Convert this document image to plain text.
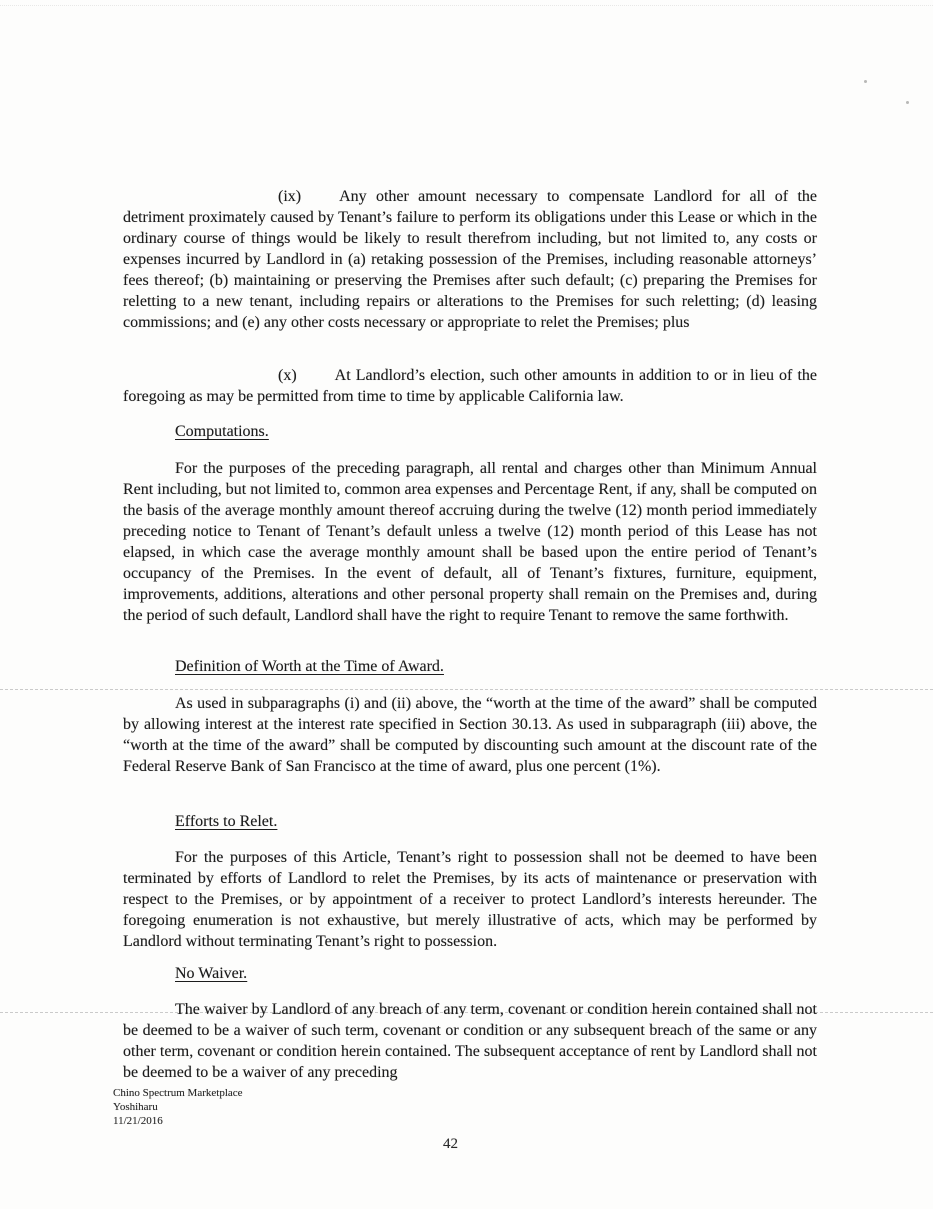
(ix) Any other amount necessary to compensate Landlord for all of the detriment proximately caused by Tenant’s failure to perform its obligations under this Lease or which in the ordinary course of things would be likely to result therefrom including, but not limited to, any costs or expenses incurred by Landlord in (a) retaking possession of the Premises, including reasonable attorneys’ fees thereof; (b) maintaining or preserving the Premises after such default; (c) preparing the Premises for reletting to a new tenant, including repairs or alterations to the Premises for such reletting; (d) leasing commissions; and (e) any other costs necessary or appropriate to relet the Premises; plus

(x) At Landlord’s election, such other amounts in addition to or in lieu of the foregoing as may be permitted from time to time by applicable California law.

Computations.

For the purposes of the preceding paragraph, all rental and charges other than Minimum Annual Rent including, but not limited to, common area expenses and Percentage Rent, if any, shall be computed on the basis of the average monthly amount thereof accruing during the twelve (12) month period immediately preceding notice to Tenant of Tenant’s default unless a twelve (12) month period of this Lease has not elapsed, in which case the average monthly amount shall be based upon the entire period of Tenant’s occupancy of the Premises. In the event of default, all of Tenant’s fixtures, furniture, equipment, improvements, additions, alterations and other personal property shall remain on the Premises and, during the period of such default, Landlord shall have the right to require Tenant to remove the same forthwith.

Definition of Worth at the Time of Award.

As used in subparagraphs (i) and (ii) above, the “worth at the time of the award” shall be computed by allowing interest at the interest rate specified in Section 30.13. As used in subparagraph (iii) above, the “worth at the time of the award” shall be computed by discounting such amount at the discount rate of the Federal Reserve Bank of San Francisco at the time of award, plus one percent (1%).

Efforts to Relet.

For the purposes of this Article, Tenant’s right to possession shall not be deemed to have been terminated by efforts of Landlord to relet the Premises, by its acts of maintenance or preservation with respect to the Premises, or by appointment of a receiver to protect Landlord’s interests hereunder. The foregoing enumeration is not exhaustive, but merely illustrative of acts, which may be performed by Landlord without terminating Tenant’s right to possession.

No Waiver.

The waiver by Landlord of any breach of any term, covenant or condition herein contained shall not be deemed to be a waiver of such term, covenant or condition or any subsequent breach of the same or any other term, covenant or condition herein contained. The subsequent acceptance of rent by Landlord shall not be deemed to be a waiver of any preceding

Chino Spectrum Marketplace
Yoshiharu
11/21/2016
42
